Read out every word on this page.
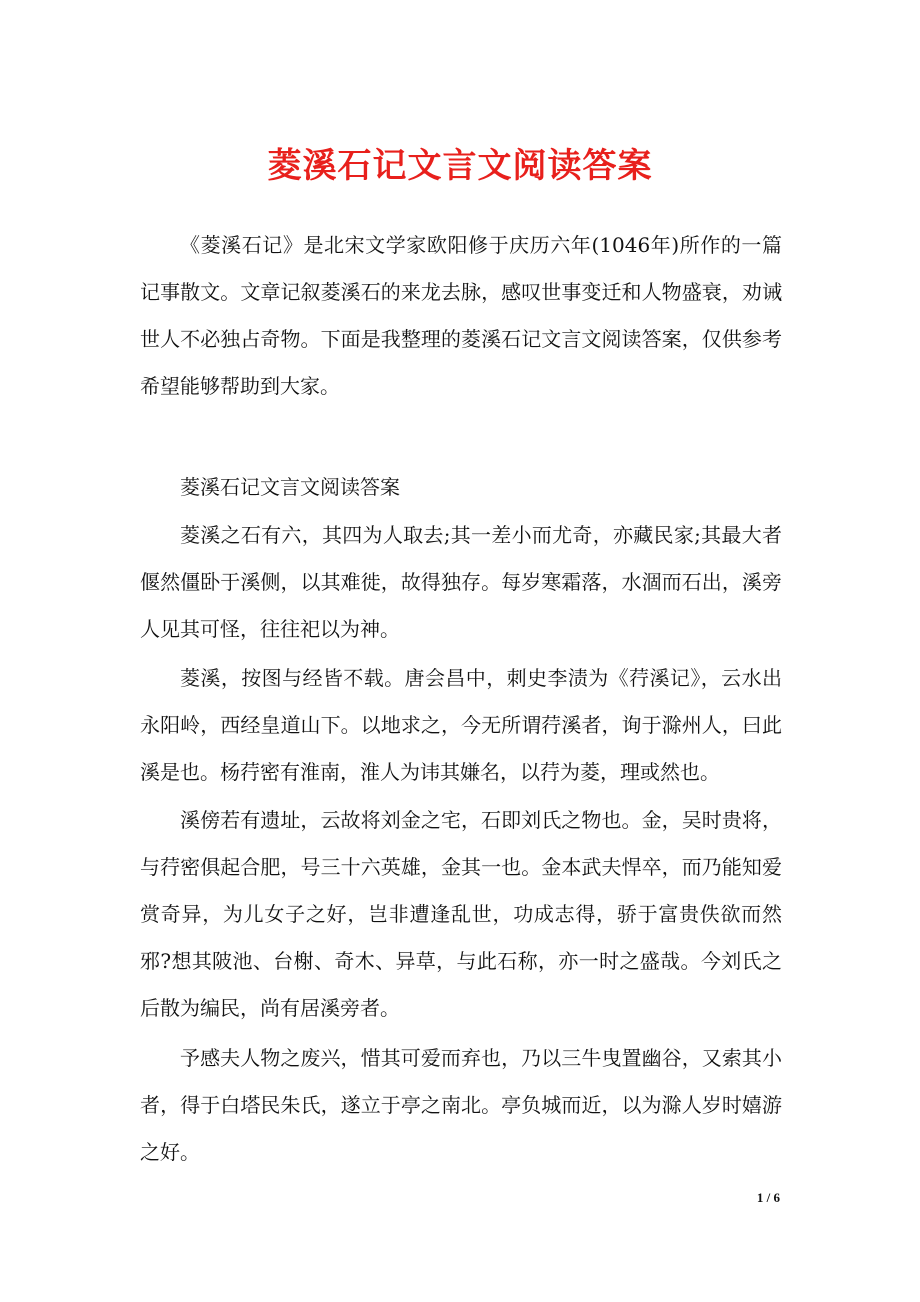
菱溪石记文言文阅读答案

《菱溪石记》是北宋文学家欧阳修于庆历六年(1046年)所作的一篇记事散文。文章记叙菱溪石的来龙去脉，感叹世事变迁和人物盛衰，劝诫世人不必独占奇物。下面是我整理的菱溪石记文言文阅读答案，仅供参考希望能够帮助到大家。

菱溪石记文言文阅读答案

菱溪之石有六，其四为人取去;其一差小而尤奇，亦藏民家;其最大者偃然僵卧于溪侧，以其难徙，故得独存。每岁寒霜落，水涸而石出，溪旁人见其可怪，往往祀以为神。

菱溪，按图与经皆不载。唐会昌中，刺史李渍为《荇溪记》，云水出永阳岭，西经皇道山下。以地求之，今无所谓荇溪者，询于滁州人，曰此溪是也。杨荇密有淮南，淮人为讳其嫌名，以荇为菱，理或然也。

溪傍若有遗址，云故将刘金之宅，石即刘氏之物也。金，吴时贵将，与荇密俱起合肥，号三十六英雄，金其一也。金本武夫悍卒，而乃能知爱赏奇异，为儿女子之好，岂非遭逢乱世，功成志得，骄于富贵佚欲而然邪?想其陂池、台榭、奇木、异草，与此石称，亦一时之盛哉。今刘氏之后散为编民，尚有居溪旁者。

予感夫人物之废兴，惜其可爱而弃也，乃以三牛曳置幽谷，又索其小者，得于白塔民朱氏，遂立于亭之南北。亭负城而近，以为滁人岁时嬉游之好。

1 / 6
